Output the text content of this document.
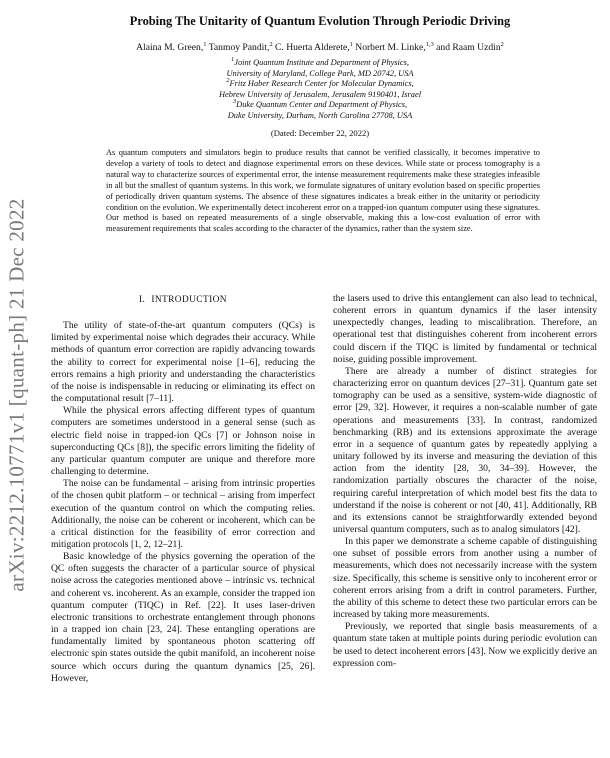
arXiv:2212.10771v1 [quant-ph] 21 Dec 2022
Probing The Unitarity of Quantum Evolution Through Periodic Driving
Alaina M. Green,$^1$ Tanmoy Pandit,$^2$ C. Huerta Alderete,$^1$ Norbert M. Linke,$^{1,3}$ and Raam Uzdin$^2$
$^1$Joint Quantum Institute and Department of Physics,
University of Maryland, College Park, MD 20742, USA
$^2$Fritz Haber Research Center for Molecular Dynamics,
Hebrew University of Jerusalem, Jerusalem 9190401, Israel
$^3$Duke Quantum Center and Department of Physics,
Duke University, Durham, North Carolina 27708, USA
(Dated: December 22, 2022)
As quantum computers and simulators begin to produce results that cannot be verified classically, it becomes imperative to develop a variety of tools to detect and diagnose experimental errors on these devices. While state or process tomography is a natural way to characterize sources of experimental error, the intense measurement requirements make these strategies infeasible in all but the smallest of quantum systems. In this work, we formulate signatures of unitary evolution based on specific properties of periodically driven quantum systems. The absence of these signatures indicates a break either in the unitarity or periodicity condition on the evolution. We experimentally detect incoherent error on a trapped-ion quantum computer using these signatures. Our method is based on repeated measurements of a single observable, making this a low-cost evaluation of error with measurement requirements that scales according to the character of the dynamics, rather than the system size.
I. INTRODUCTION

The utility of state-of-the-art quantum computers (QCs) is limited by experimental noise which degrades their accuracy. While methods of quantum error correction are rapidly advancing towards the ability to correct for experimental noise [1–6], reducing the errors remains a high priority and understanding the characteristics of the noise is indispensable in reducing or eliminating its effect on the computational result [7–11].

While the physical errors affecting different types of quantum computers are sometimes understood in a general sense (such as electric field noise in trapped-ion QCs [7] or Johnson noise in superconducting QCs [8]), the specific errors limiting the fidelity of any particular quantum computer are unique and therefore more challenging to determine.

The noise can be fundamental – arising from intrinsic properties of the chosen qubit platform – or technical – arising from imperfect execution of the quantum control on which the computing relies. Additionally, the noise can be coherent or incoherent, which can be a critical distinction for the feasibility of error correction and mitigation protocols [1, 2, 12–21].

Basic knowledge of the physics governing the operation of the QC often suggests the character of a particular source of physical noise across the categories mentioned above – intrinsic vs. technical and coherent vs. incoherent. As an example, consider the trapped ion quantum computer (TIQC) in Ref. [22]. It uses laser-driven electronic transitions to orchestrate entanglement through phonons in a trapped ion chain [23, 24]. These entangling operations are fundamentally limited by spontaneous photon scattering off electronic spin states outside the qubit manifold, an incoherent noise source which occurs during the quantum dynamics [25, 26]. However,

the lasers used to drive this entanglement can also lead to technical, coherent errors in quantum dynamics if the laser intensity unexpectedly changes, leading to miscalibration. Therefore, an operational test that distinguishes coherent from incoherent errors could discern if the TIQC is limited by fundamental or technical noise, guiding possible improvement.

There are already a number of distinct strategies for characterizing error on quantum devices [27–31]. Quantum gate set tomography can be used as a sensitive, system-wide diagnostic of error [29, 32]. However, it requires a non-scalable number of gate operations and measurements [33]. In contrast, randomized benchmarking (RB) and its extensions approximate the average error in a sequence of quantum gates by repeatedly applying a unitary followed by its inverse and measuring the deviation of this action from the identity [28, 30, 34–39]. However, the randomization partially obscures the character of the noise, requiring careful interpretation of which model best fits the data to understand if the noise is coherent or not [40, 41]. Additionally, RB and its extensions cannot be straightforwardly extended beyond universal quantum computers, such as to analog simulators [42].

In this paper we demonstrate a scheme capable of distinguishing one subset of possible errors from another using a number of measurements, which does not necessarily increase with the system size. Specifically, this scheme is sensitive only to incoherent error or coherent errors arising from a drift in control parameters. Further, the ability of this scheme to detect these two particular errors can be increased by taking more measurements.

Previously, we reported that single basis measurements of a quantum state taken at multiple points during periodic evolution can be used to detect incoherent errors [43]. Now we explicitly derive an expression com-
